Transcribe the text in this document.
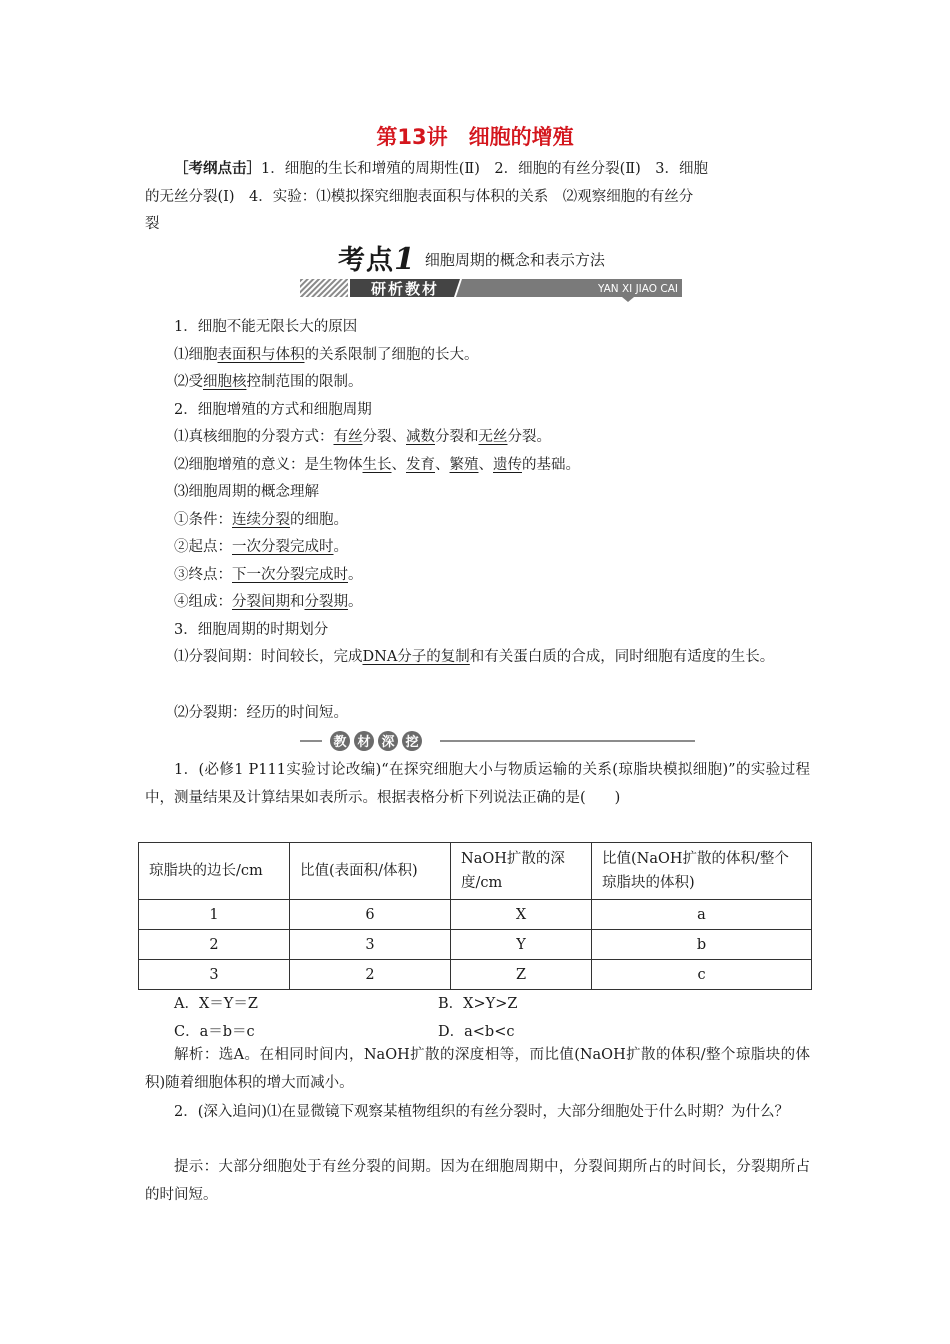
第13讲　细胞的增殖
［考纲点击］1．细胞的生长和增殖的周期性(Ⅱ)　2．细胞的有丝分裂(Ⅱ)　3．细胞
的无丝分裂(Ⅰ)　4．实验：⑴模拟探究细胞表面积与体积的关系　⑵观察细胞的有丝分
裂
考点1 细胞周期的概念和表示方法
研析教材	YAN XI JIAO CAI
1．细胞不能无限长大的原因
⑴细胞表面积与体积的关系限制了细胞的长大。
⑵受细胞核控制范围的限制。
2．细胞增殖的方式和细胞周期
⑴真核细胞的分裂方式：有丝分裂、减数分裂和无丝分裂。
⑵细胞增殖的意义：是生物体生长、发育、繁殖、遗传的基础。
⑶细胞周期的概念理解
①条件：连续分裂的细胞。
②起点：一次分裂完成时。
③终点：下一次分裂完成时。
④组成：分裂间期和分裂期。
3．细胞周期的时期划分
⑴分裂间期：时间较长，完成DNA分子的复制和有关蛋白质的合成，同时细胞有适度的生长。
⑵分裂期：经历的时间短。
教 材 深 挖
1．(必修1 P111实验讨论改编)“在探究细胞大小与物质运输的关系(琼脂块模拟细胞)”的实验过程中，测量结果及计算结果如表所示。根据表格分析下列说法正确的是(　　)
琼脂块的边长/cm	比值(表面积/体积)	NaOH扩散的深度/cm	比值(NaOH扩散的体积/整个琼脂块的体积)
1	6	X	a
2	3	Y	b
3	2	Z	c
A．X＝Y＝Z	B．X>Y>Z
C．a＝b＝c	D．a<b<c
解析：选A。在相同时间内，NaOH扩散的深度相等，而比值(NaOH扩散的体积/整个琼脂块的体积)随着细胞体积的增大而减小。
2．(深入追问)⑴在显微镜下观察某植物组织的有丝分裂时，大部分细胞处于什么时期？为什么？
提示：大部分细胞处于有丝分裂的间期。因为在细胞周期中，分裂间期所占的时间长，分裂期所占的时间短。
